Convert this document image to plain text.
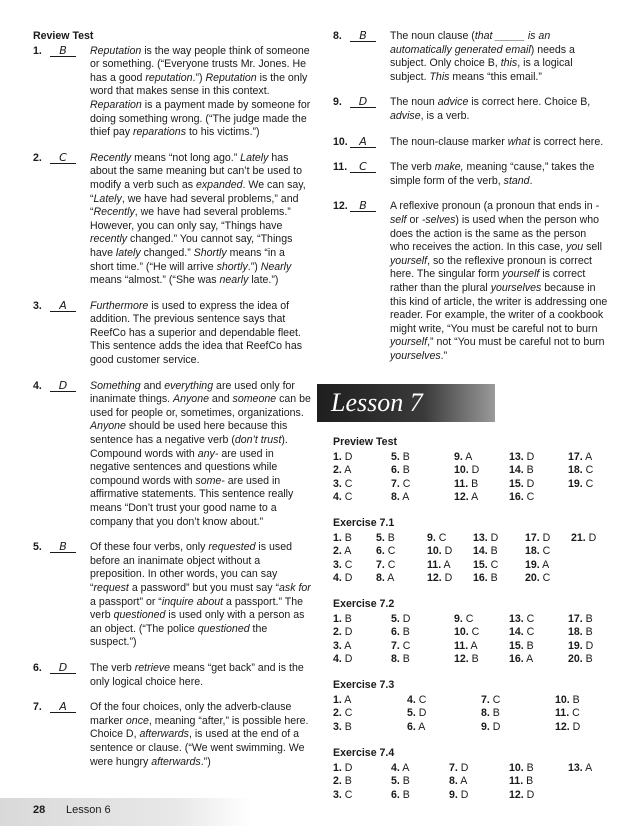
Review Test
1.	B	Reputation is the way people think of someone or something. (“Everyone trusts Mr. Jones. He has a good reputation.”) Reputation is the only word that makes sense in this context. Reparation is a payment made by someone for doing something wrong. (“The judge made the thief pay reparations to his victims.”)
2.	C	Recently means “not long ago.” Lately has about the same meaning but can’t be used to modify a verb such as expanded. We can say, “Lately, we have had several problems,” and “Recently, we have had several problems.” However, you can only say, “Things have recently changed.” You cannot say, “Things have lately changed.” Shortly means “in a short time.” (“He will arrive shortly.”) Nearly means “almost.” (“She was nearly late.”)
3.	A	Furthermore is used to express the idea of addition. The previous sentence says that ReefCo has a superior and dependable fleet. This sentence adds the idea that ReefCo has good customer service.
4.	D	Something and everything are used only for inanimate things. Anyone and someone can be used for people or, sometimes, organizations. Anyone should be used here because this sentence has a negative verb (don’t trust). Compound words with any- are used in negative sentences and questions while compound words with some- are used in affirmative statements. This sentence really means “Don’t trust your good name to a company that you don’t know about.”
5.	B	Of these four verbs, only requested is used before an inanimate object without a preposition. In other words, you can say “request a password” but you must say “ask for a passport” or “inquire about a passport.” The verb questioned is used only with a person as an object. (“The police questioned the suspect.”)
6.	D	The verb retrieve means “get back” and is the only logical choice here.
7.	A	Of the four choices, only the adverb-clause marker once, meaning “after,” is possible here. Choice D, afterwards, is used at the end of a sentence or clause. (“We went swimming. We were hungry afterwards.”)
8.	B	The noun clause (that _____ is an automatically generated email) needs a subject. Only choice B, this, is a logical subject. This means “this email.”
9.	D	The noun advice is correct here. Choice B, advise, is a verb.
10.	A	The noun-clause marker what is correct here.
11.	C	The verb make, meaning “cause,” takes the simple form of the verb, stand.
12.	B	A reflexive pronoun (a pronoun that ends in -self or -selves) is used when the person who does the action is the same as the person who receives the action. In this case, you sell yourself, so the reflexive pronoun is correct here. The singular form yourself is correct rather than the plural yourselves because in this kind of article, the writer is addressing one reader. For example, the writer of a cookbook might write, “You must be careful not to burn yourself,” not “You must be careful not to burn yourselves.”
Lesson 7
Preview Test
1. D	5. B	9. A	13. D	17. A
2. A	6. B	10. D	14. B	18. C
3. C	7. C	11. B	15. D	19. C
4. C	8. A	12. A	16. C
Exercise 7.1
1. B 5. B	9. C	13. D	17. D 21. D
2. A 6. C	10. D 14. B	18. C
3. C 7. C	11. A 15. C	19. A
4. D 8. A	12. D 16. B	20. C
Exercise 7.2
1. B	5. D	9. C	13. C	17. B
2. D	6. B	10. C	14. C	18. B
3. A	7. C	11. A	15. B	19. D
4. D	8. B	12. B	16. A	20. B
Exercise 7.3
1. A	4. C	7. C	10. B
2. C	5. D	8. B	11. C
3. B	6. A	9. D	12. D
Exercise 7.4
1. D	4. A	7. D	10. B	13. A
2. B	5. B	8. A	11. B
3. C	6. B	9. D	12. D
28 Lesson 6
